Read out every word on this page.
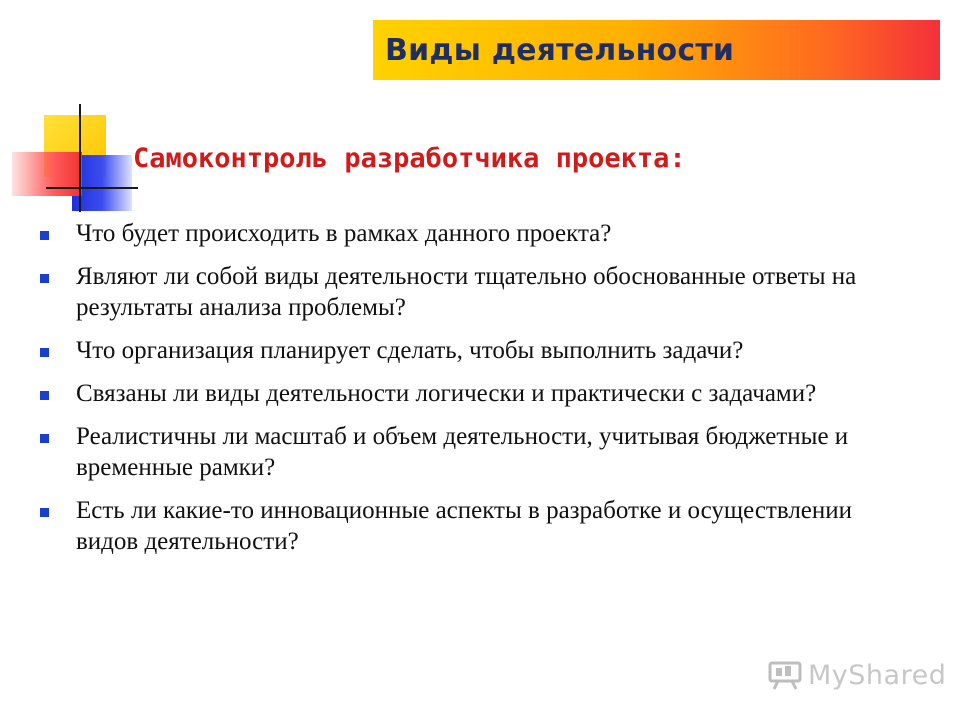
Виды деятельности
Самоконтроль разработчика проекта:
Что будет происходить в рамках данного проекта?
Являют ли собой виды деятельности тщательно обоснованные ответы на результаты анализа проблемы?
Что организация планирует сделать, чтобы выполнить задачи?
Связаны ли виды деятельности логически и практически с задачами?
Реалистичны ли масштаб и объем деятельности, учитывая бюджетные и временные рамки?
Есть ли какие-то инновационные аспекты в разработке и осуществлении видов деятельности?
MyShared
